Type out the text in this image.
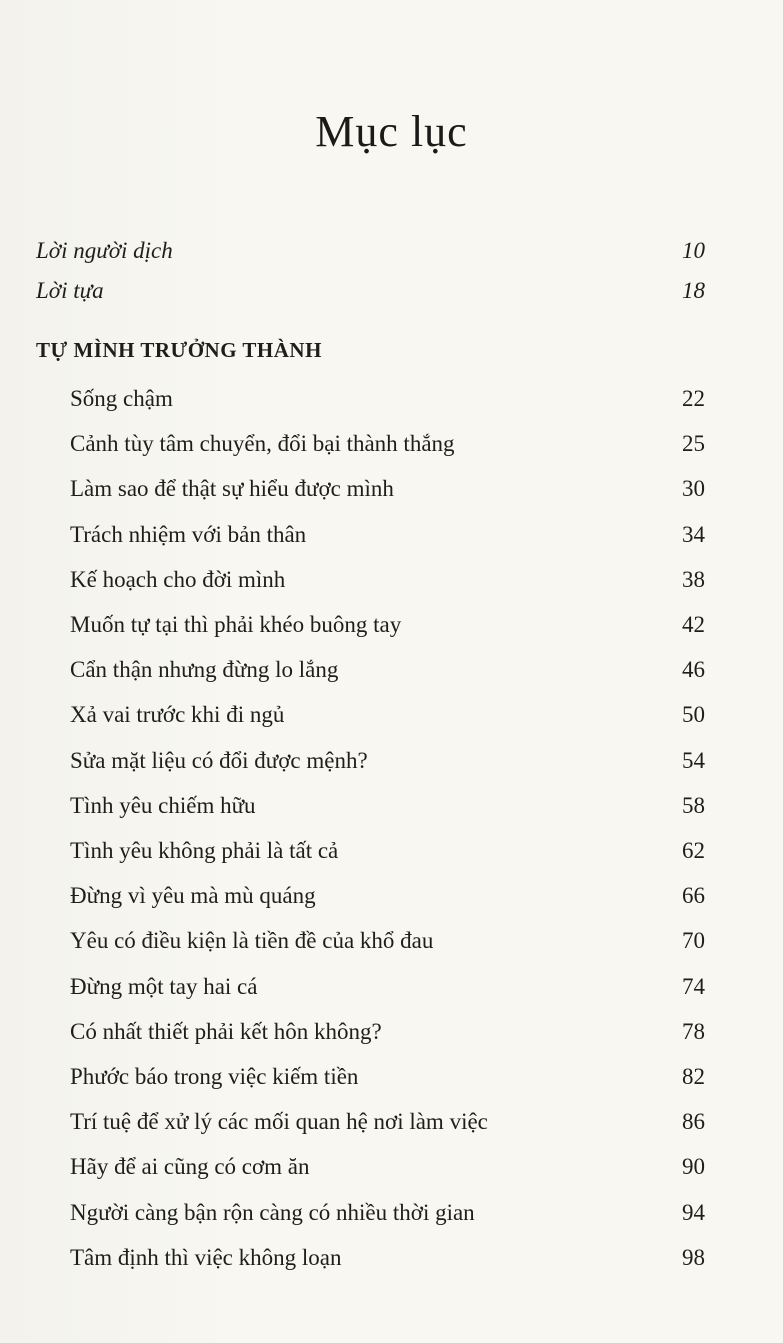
Mục lục
Lời người dịch	10
Lời tựa	18
TỰ MÌNH TRƯỞNG THÀNH
Sống chậm	22
Cảnh tùy tâm chuyển, đổi bại thành thắng	25
Làm sao để thật sự hiểu được mình	30
Trách nhiệm với bản thân	34
Kế hoạch cho đời mình	38
Muốn tự tại thì phải khéo buông tay	42
Cẩn thận nhưng đừng lo lắng	46
Xả vai trước khi đi ngủ	50
Sửa mặt liệu có đổi được mệnh?	54
Tình yêu chiếm hữu	58
Tình yêu không phải là tất cả	62
Đừng vì yêu mà mù quáng	66
Yêu có điều kiện là tiền đề của khổ đau	70
Đừng một tay hai cá	74
Có nhất thiết phải kết hôn không?	78
Phước báo trong việc kiếm tiền	82
Trí tuệ để xử lý các mối quan hệ nơi làm việc	86
Hãy để ai cũng có cơm ăn	90
Người càng bận rộn càng có nhiều thời gian	94
Tâm định thì việc không loạn	98
